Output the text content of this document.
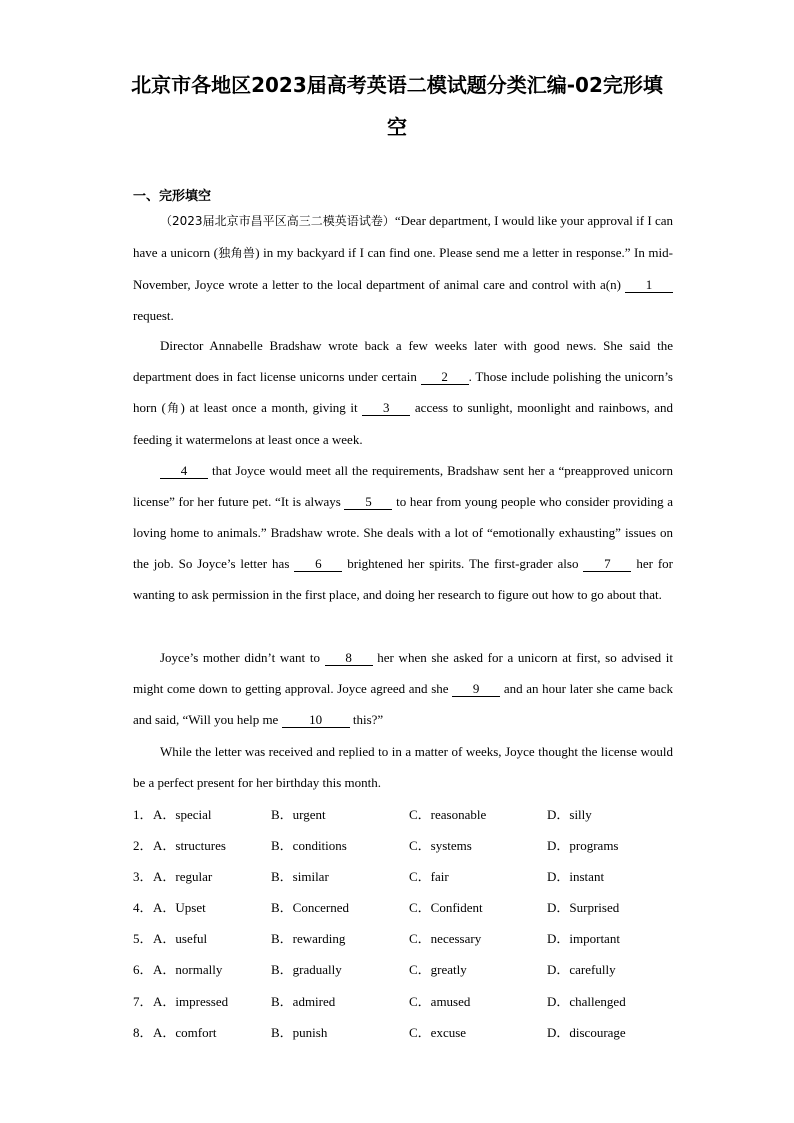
北京市各地区2023届高考英语二模试题分类汇编-02完形填
空
一、完形填空
（2023届北京市昌平区高三二模英语试卷）“Dear department, I would like your approval if I can have a unicorn (独角兽) in my backyard if I can find one. Please send me a letter in response.” In mid-November, Joyce wrote a letter to the local department of animal care and control with a(n) 1 request.
Director Annabelle Bradshaw wrote back a few weeks later with good news. She said the department does in fact license unicorns under certain 2 . Those include polishing the unicorn’s horn (角) at least once a month, giving it 3 access to sunlight, moonlight and rainbows, and feeding it watermelons at least once a week.
4 that Joyce would meet all the requirements, Bradshaw sent her a “preapproved unicorn license” for her future pet. “It is always 5 to hear from young people who consider providing a loving home to animals.” Bradshaw wrote. She deals with a lot of “emotionally exhausting” issues on the job. So Joyce’s letter has 6 brightened her spirits. The first-grader also 7 her for wanting to ask permission in the first place, and doing her research to figure out how to go about that.
Joyce’s mother didn’t want to 8 her when she asked for a unicorn at first, so advised it might come down to getting approval. Joyce agreed and she 9 and an hour later she came back and said, “Will you help me 10 this?”
While the letter was received and replied to in a matter of weeks, Joyce thought the license would be a perfect present for her birthday this month.
1． A．special	B．urgent	C．reasonable	D．silly
2． A．structures	B．conditions	C．systems	D．programs
3． A．regular	B．similar	C．fair	D．instant
4． A．Upset	B．Concerned	C．Confident	D．Surprised
5． A．useful	B．rewarding	C．necessary	D．important
6． A．normally	B．gradually	C．greatly	D．carefully
7． A．impressed	B．admired	C．amused	D．challenged
8． A．comfort	B．punish	C．excuse	D．discourage
